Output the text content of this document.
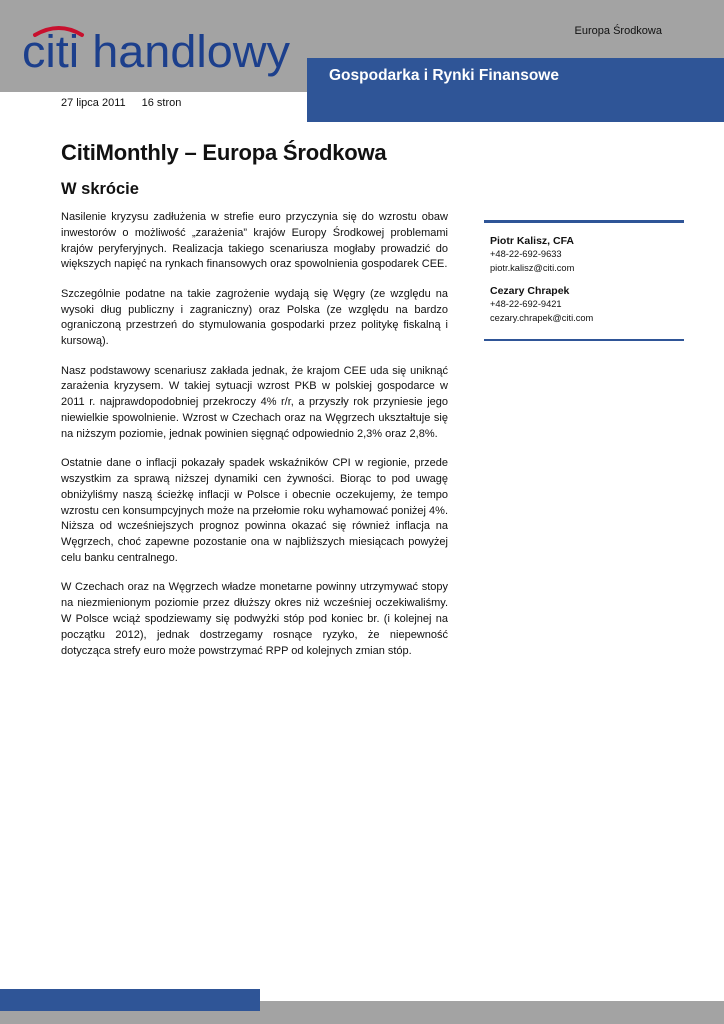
citi handlowy	Europa Środkowa
Gospodarka i Rynki Finansowe
27 lipca 2011 16 stron
CitiMonthly – Europa Środkowa
W skrócie

Nasilenie kryzysu zadłużenia w strefie euro przyczynia się do wzrostu obaw inwestorów o możliwość „zarażenia” krajów Europy Środkowej problemami krajów peryferyjnych. Realizacja takiego scenariusza mogłaby prowadzić do większych napięć na rynkach finansowych oraz spowolnienia gospodarek CEE.

Szczególnie podatne na takie zagrożenie wydają się Węgry (ze względu na wysoki dług publiczny i zagraniczny) oraz Polska (ze względu na bardzo ograniczoną przestrzeń do stymulowania gospodarki przez politykę fiskalną i kursową).

Nasz podstawowy scenariusz zakłada jednak, że krajom CEE uda się uniknąć zarażenia kryzysem. W takiej sytuacji wzrost PKB w polskiej gospodarce w 2011 r. najprawdopodobniej przekroczy 4% r/r, a przyszły rok przyniesie jego niewielkie spowolnienie. Wzrost w Czechach oraz na Węgrzech ukształtuje się na niższym poziomie, jednak powinien sięgnąć odpowiednio 2,3% oraz 2,8%.

Ostatnie dane o inflacji pokazały spadek wskaźników CPI w regionie, przede wszystkim za sprawą niższej dynamiki cen żywności. Biorąc to pod uwagę obniżyliśmy naszą ścieżkę inflacji w Polsce i obecnie oczekujemy, że tempo wzrostu cen konsumpcyjnych może na przełomie roku wyhamować poniżej 4%. Niższa od wcześniejszych prognoz powinna okazać się również inflacja na Węgrzech, choć zapewne pozostanie ona w najbliższych miesiącach powyżej celu banku centralnego.

W Czechach oraz na Węgrzech władze monetarne powinny utrzymywać stopy na niezmienionym poziomie przez dłuższy okres niż wcześniej oczekiwaliśmy. W Polsce wciąż spodziewamy się podwyżki stóp pod koniec br. (i kolejnej na początku 2012), jednak dostrzegamy rosnące ryzyko, że niepewność dotycząca strefy euro może powstrzymać RPP od kolejnych zmian stóp.

Piotr Kalisz, CFA
+48-22-692-9633
piotr.kalisz@citi.com
Cezary Chrapek
+48-22-692-9421
cezary.chrapek@citi.com
